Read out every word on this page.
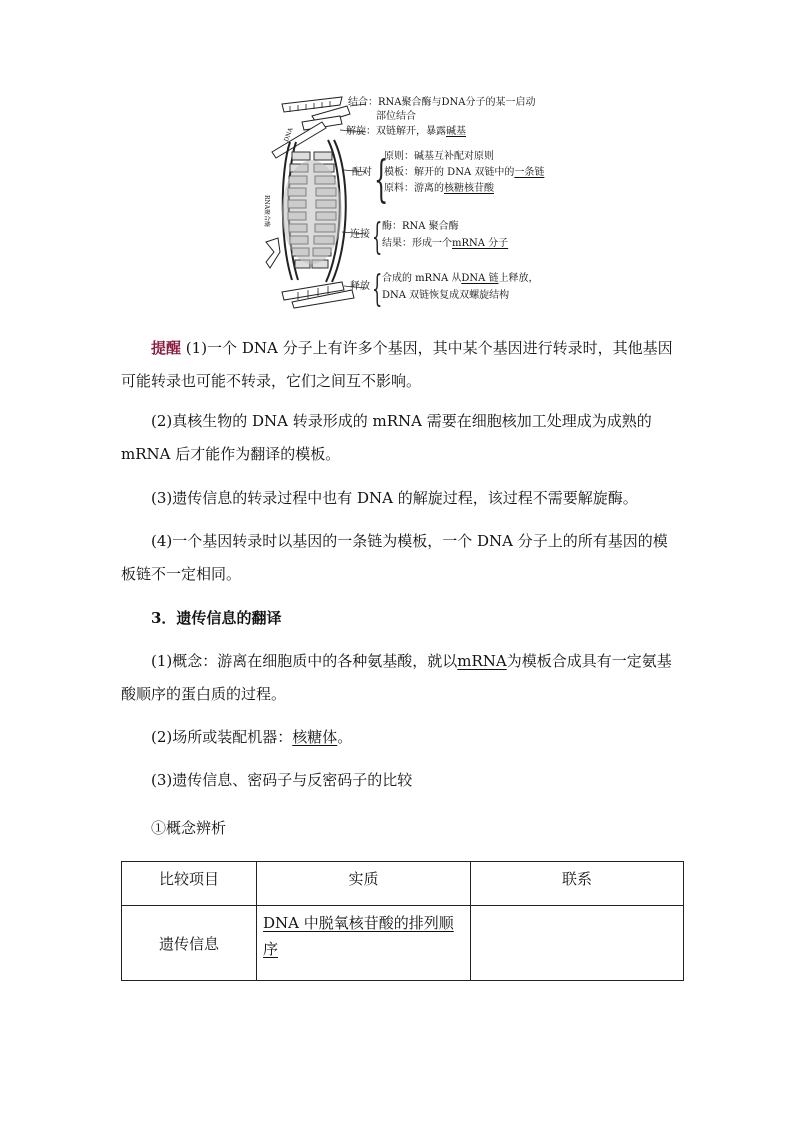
DNA
RNA聚合酶
结合：RNA聚合酶与DNA分子的某一启动
部位结合
解旋：双链解开，暴露碱基
配对 {
原则：碱基互补配对原则
模板：解开的 DNA 双链中的一条链
原料：游离的核糖核苷酸
连接 { 酶：RNA 聚合酶
结果：形成一个mRNA 分子
释放 { 合成的 mRNA 从DNA 链上释放，
DNA 双链恢复成双螺旋结构
提醒 (1)一个 DNA 分子上有许多个基因，其中某个基因进行转录时，其他基因可能转录也可能不转录，它们之间互不影响。
(2)真核生物的 DNA 转录形成的 mRNA 需要在细胞核加工处理成为成熟的 mRNA 后才能作为翻译的模板。
(3)遗传信息的转录过程中也有 DNA 的解旋过程，该过程不需要解旋酶。
(4)一个基因转录时以基因的一条链为模板，一个 DNA 分子上的所有基因的模板链不一定相同。
3．遗传信息的翻译
(1)概念：游离在细胞质中的各种氨基酸，就以mRNA为模板合成具有一定氨基酸顺序的蛋白质的过程。
(2)场所或装配机器：核糖体。
(3)遗传信息、密码子与反密码子的比较
①概念辨析
比较项目	实质	联系
遗传信息	DNA 中脱氧核苷酸的排列顺序	
